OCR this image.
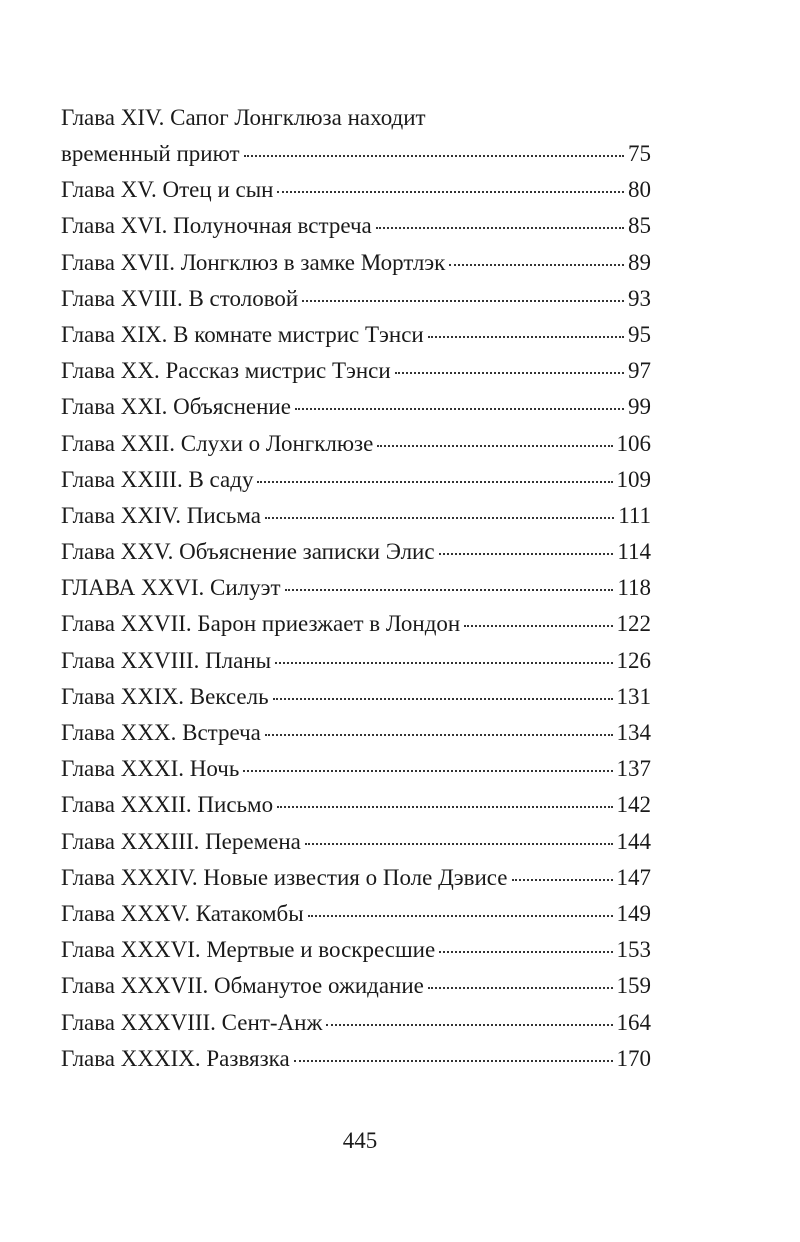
Глава XIV. Сапог Лонгклюза находит
временный приют	75
Глава XV. Отец и сын	80
Глава XVI. Полуночная встреча	85
Глава XVII. Лонгклюз в замке Мортлэк	89
Глава XVIII. В столовой	93
Глава XIX. В комнате мистрис Тэнси	95
Глава XX. Рассказ мистрис Тэнси	97
Глава XXI. Объяснение	99
Глава XXII. Слухи о Лонгклюзе	106
Глава XXIII. В саду	109
Глава XXIV. Письма	111
Глава XXV. Объяснение записки Элис	114
ГЛАВА XXVI. Силуэт	118
Глава XXVII. Барон приезжает в Лондон	122
Глава XXVIII. Планы	126
Глава XXIX. Вексель	131
Глава XXX. Встреча	134
Глава XXXI. Ночь	137
Глава XXXII. Письмо	142
Глава XXXIII. Перемена	144
Глава XXXIV. Новые известия о Поле Дэвисе	147
Глава XXXV. Катакомбы	149
Глава XXXVI. Мертвые и воскресшие	153
Глава XXXVII. Обманутое ожидание	159
Глава XXXVIII. Сент-Анж	164
Глава XXXIX. Развязка	170
445
